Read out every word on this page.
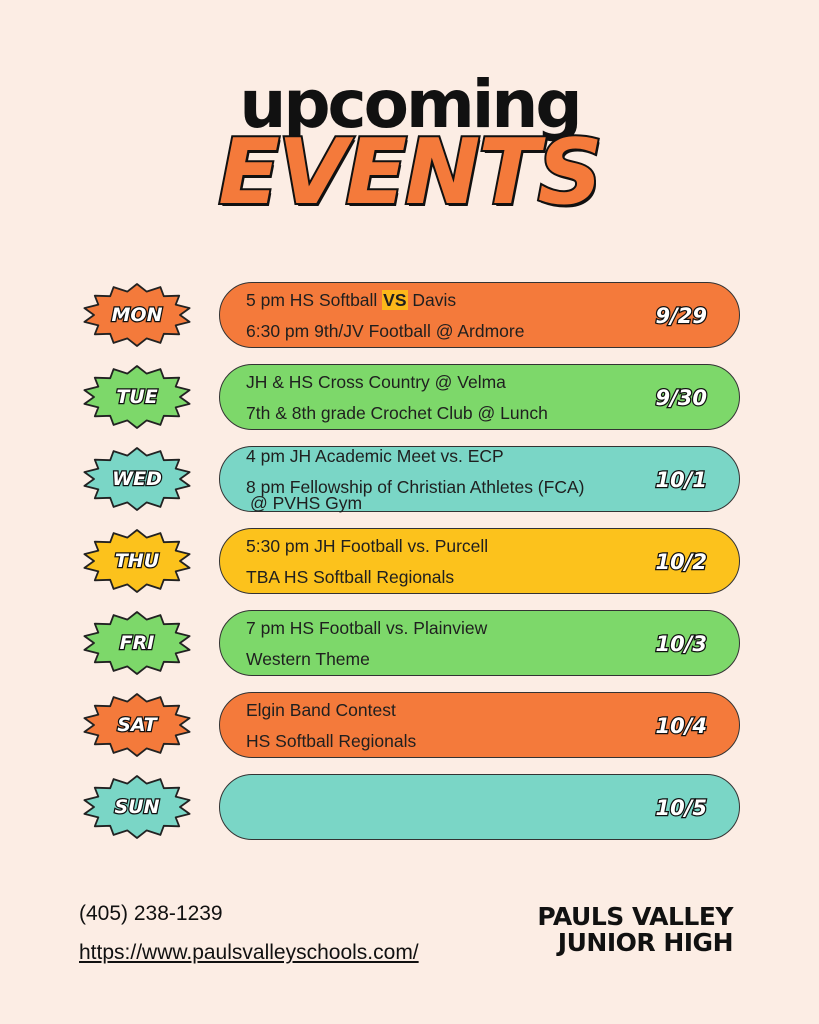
upcoming
EVENTS
MON
5 pm HS Softball VS Davis
6:30 pm 9th/JV Football @ Ardmore
9/29
TUE
JH & HS Cross Country @ Velma
7th & 8th grade Crochet Club @ Lunch
9/30
WED
4 pm JH Academic Meet vs. ECP
8 pm Fellowship of Christian Athletes (FCA)
@ PVHS Gym
10/1
THU
5:30 pm JH Football vs. Purcell
TBA HS Softball Regionals
10/2
FRI
7 pm HS Football vs. Plainview
Western Theme
10/3
SAT
Elgin Band Contest
HS Softball Regionals
10/4
SUN	10/5
(405) 238-1239
https://www.paulsvalleyschools.com/
PAULS VALLEY
JUNIOR HIGH
